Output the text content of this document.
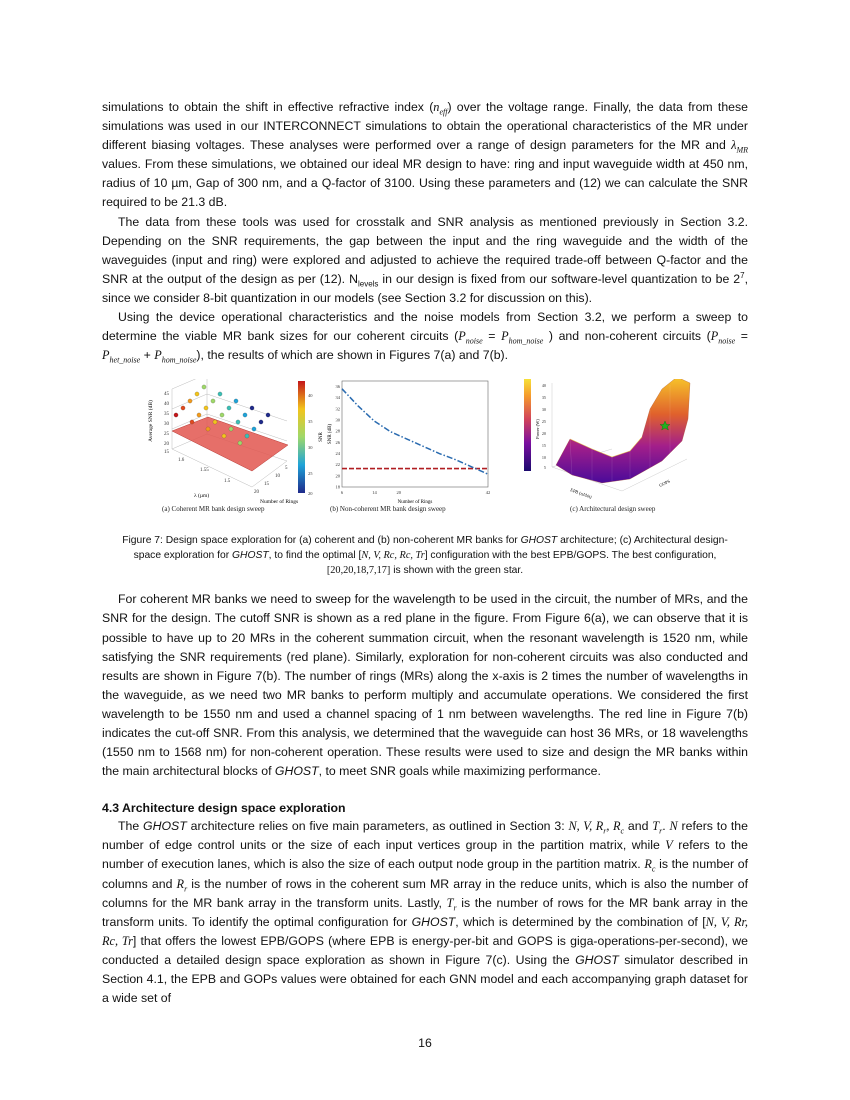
simulations to obtain the shift in effective refractive index $(n_{eff})$ over the voltage range. Finally, the data from these simulations was used in our INTERCONNECT simulations to obtain the operational characteristics of the MR under different biasing voltages. These analyses were performed over a range of design parameters for the MR and $\lambda_{MR}$ values. From these simulations, we obtained our ideal MR design to have: ring and input waveguide width at 450 nm, radius of 10 µm, Gap of 300 nm, and a Q-factor of 3100. Using these parameters and (12) we can calculate the SNR required to be 21.3 dB.

The data from these tools was used for crosstalk and SNR analysis as mentioned previously in Section 3.2. Depending on the SNR requirements, the gap between the input and the ring waveguide and the width of the waveguides (input and ring) were explored and adjusted to achieve the required trade-off between Q-factor and the SNR at the output of the design as per (12). $N_{levels}$ in our design is fixed from our software-level quantization to be $2^7$, since we consider 8-bit quantization in our models (see Section 3.2 for discussion on this).

Using the device operational characteristics and the noise models from Section 3.2, we perform a sweep to determine the viable MR bank sizes for our coherent circuits ($P_{noise} = P_{hom\_noise}$ ) and non-coherent circuits $(P_{noise} = P_{het\_noise} + P_{hom\_noise})$, the results of which are shown in Figures 7(a) and 7(b).

45
40
35
30
25
20
15
Average SNR (dB)
1.6
1.55
1.5
20
15
10
5
λ (µm)
Number of Rings
40
35
30
25
20
SNR
(a) Coherent MR bank design sweep
36
34
32
30
28
26
24
22
20
18
6	14	20	42
SNR (dB)
Number of Rings
(b) Non-coherent MR bank design sweep
40
35
30
25
20
15
10
5
Power (W)
EPB (nJ/bit)
GOPS
(c) Architectural design sweep
Figure 7: Design space exploration for (a) coherent and (b) non-coherent MR banks for GHOST architecture; (c) Architectural design-space exploration for GHOST, to find the optimal [N, V, Rc, Rc, Tr] configuration with the best EPB/GOPS. The best configuration, [20,20,18,7,17] is shown with the green star.

For coherent MR banks we need to sweep for the wavelength to be used in the circuit, the number of MRs, and the SNR for the design. The cutoff SNR is shown as a red plane in the figure. From Figure 6(a), we can observe that it is possible to have up to 20 MRs in the coherent summation circuit, when the resonant wavelength is 1520 nm, while satisfying the SNR requirements (red plane). Similarly, exploration for non-coherent circuits was also conducted and results are shown in Figure 7(b). The number of rings (MRs) along the x-axis is 2 times the number of wavelengths in the waveguide, as we need two MR banks to perform multiply and accumulate operations. We considered the first wavelength to be 1550 nm and used a channel spacing of 1 nm between wavelengths. The red line in Figure 7(b) indicates the cut-off SNR. From this analysis, we determined that the waveguide can host 36 MRs, or 18 wavelengths (1550 nm to 1568 nm) for non-coherent operation. These results were used to size and design the MR banks within the main architectural blocks of GHOST, to meet SNR goals while maximizing performance.

4.3 Architecture design space exploration

The GHOST architecture relies on five main parameters, as outlined in Section 3: N, V, $R_r$, $R_c$ and $T_r$. N refers to the number of edge control units or the size of each input vertices group in the partition matrix, while V refers to the number of execution lanes, which is also the size of each output node group in the partition matrix. $R_c$ is the number of columns and $R_r$ is the number of rows in the coherent sum MR array in the reduce units, which is also the number of columns for the MR bank array in the transform units. Lastly, $T_r$ is the number of rows for the MR bank array in the transform units. To identify the optimal configuration for GHOST, which is determined by the combination of [N, V, Rr, Rc, Tr] that offers the lowest EPB/GOPS (where EPB is energy-per-bit and GOPS is giga-operations-per-second), we conducted a detailed design space exploration as shown in Figure 7(c). Using the GHOST simulator described in Section 4.1, the EPB and GOPs values were obtained for each GNN model and each accompanying graph dataset for a wide set of

16
